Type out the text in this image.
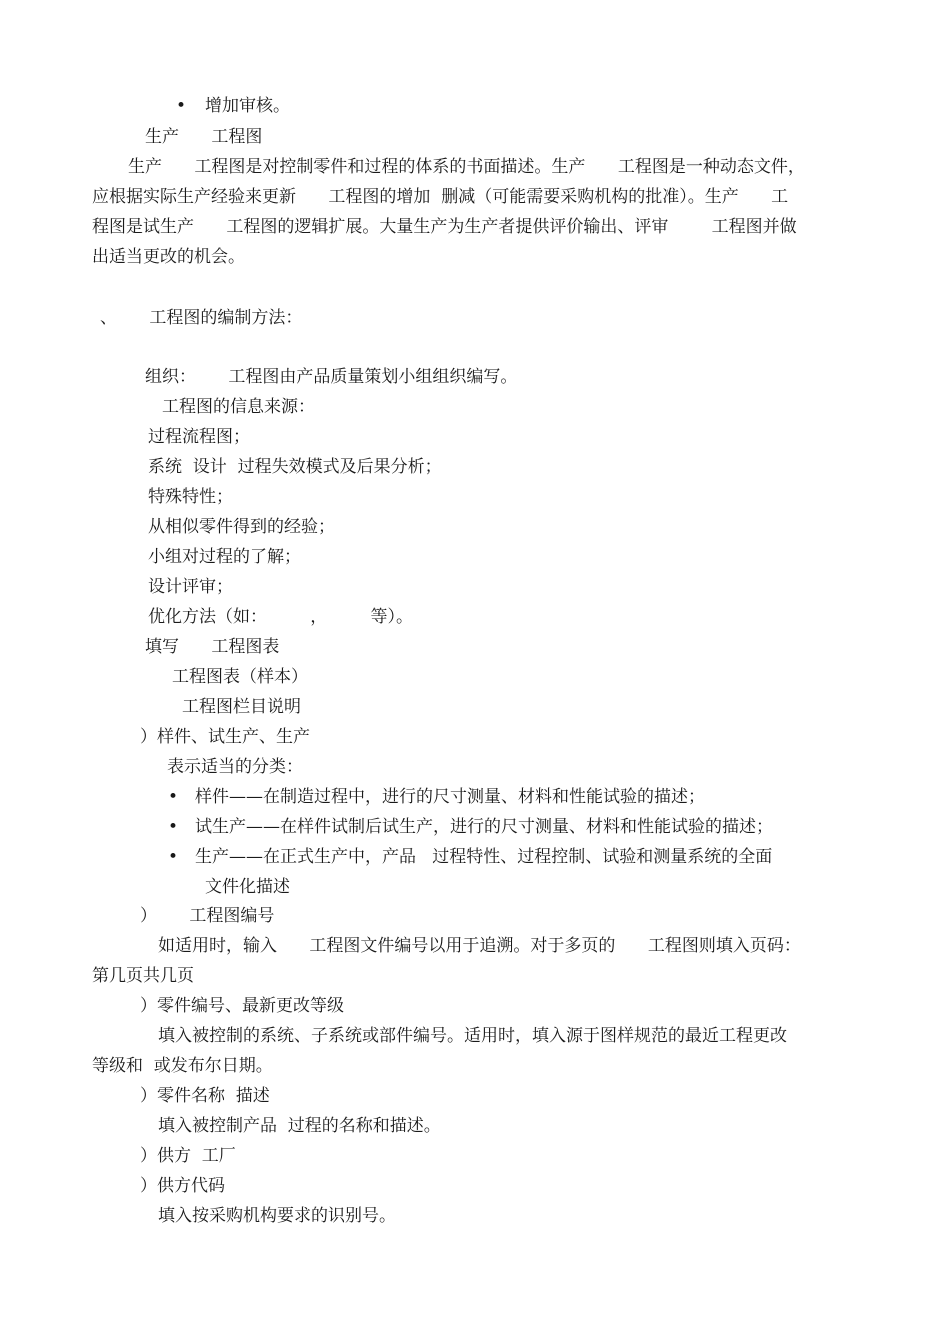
• 增加审核。
生产      工程图
生产      工程图是对控制零件和过程的体系的书面描述。生产      工程图是一种动态文件，
应根据实际生产经验来更新      工程图的增加  删减（可能需要采购机构的批准）。生产      工
程图是试生产      工程图的逻辑扩展。大量生产为生产者提供评价输出、评审        工程图并做
出适当更改的机会。
、      工程图的编制方法：
组织：      工程图由产品质量策划小组组织编写。
工程图的信息来源：
过程流程图；
系统  设计  过程失效模式及后果分析；
特殊特性；
从相似零件得到的经验；
小组对过程的了解；
设计评审；
优化方法（如：        ，        等）。
填写      工程图表
工程图表（样本）
工程图栏目说明
）样件、试生产、生产
表示适当的分类：
• 样件——在制造过程中，进行的尺寸测量、材料和性能试验的描述；
• 试生产——在样件试制后试生产，进行的尺寸测量、材料和性能试验的描述；
• 生产——在正式生产中，产品   过程特性、过程控制、试验和测量系统的全面
文件化描述
）      工程图编号
如适用时，输入      工程图文件编号以用于追溯。对于多页的      工程图则填入页码：
第几页共几页
）零件编号、最新更改等级
填入被控制的系统、子系统或部件编号。适用时，填入源于图样规范的最近工程更改
等级和  或发布尔日期。
）零件名称  描述
填入被控制产品  过程的名称和描述。
）供方  工厂
）供方代码
填入按采购机构要求的识别号。
